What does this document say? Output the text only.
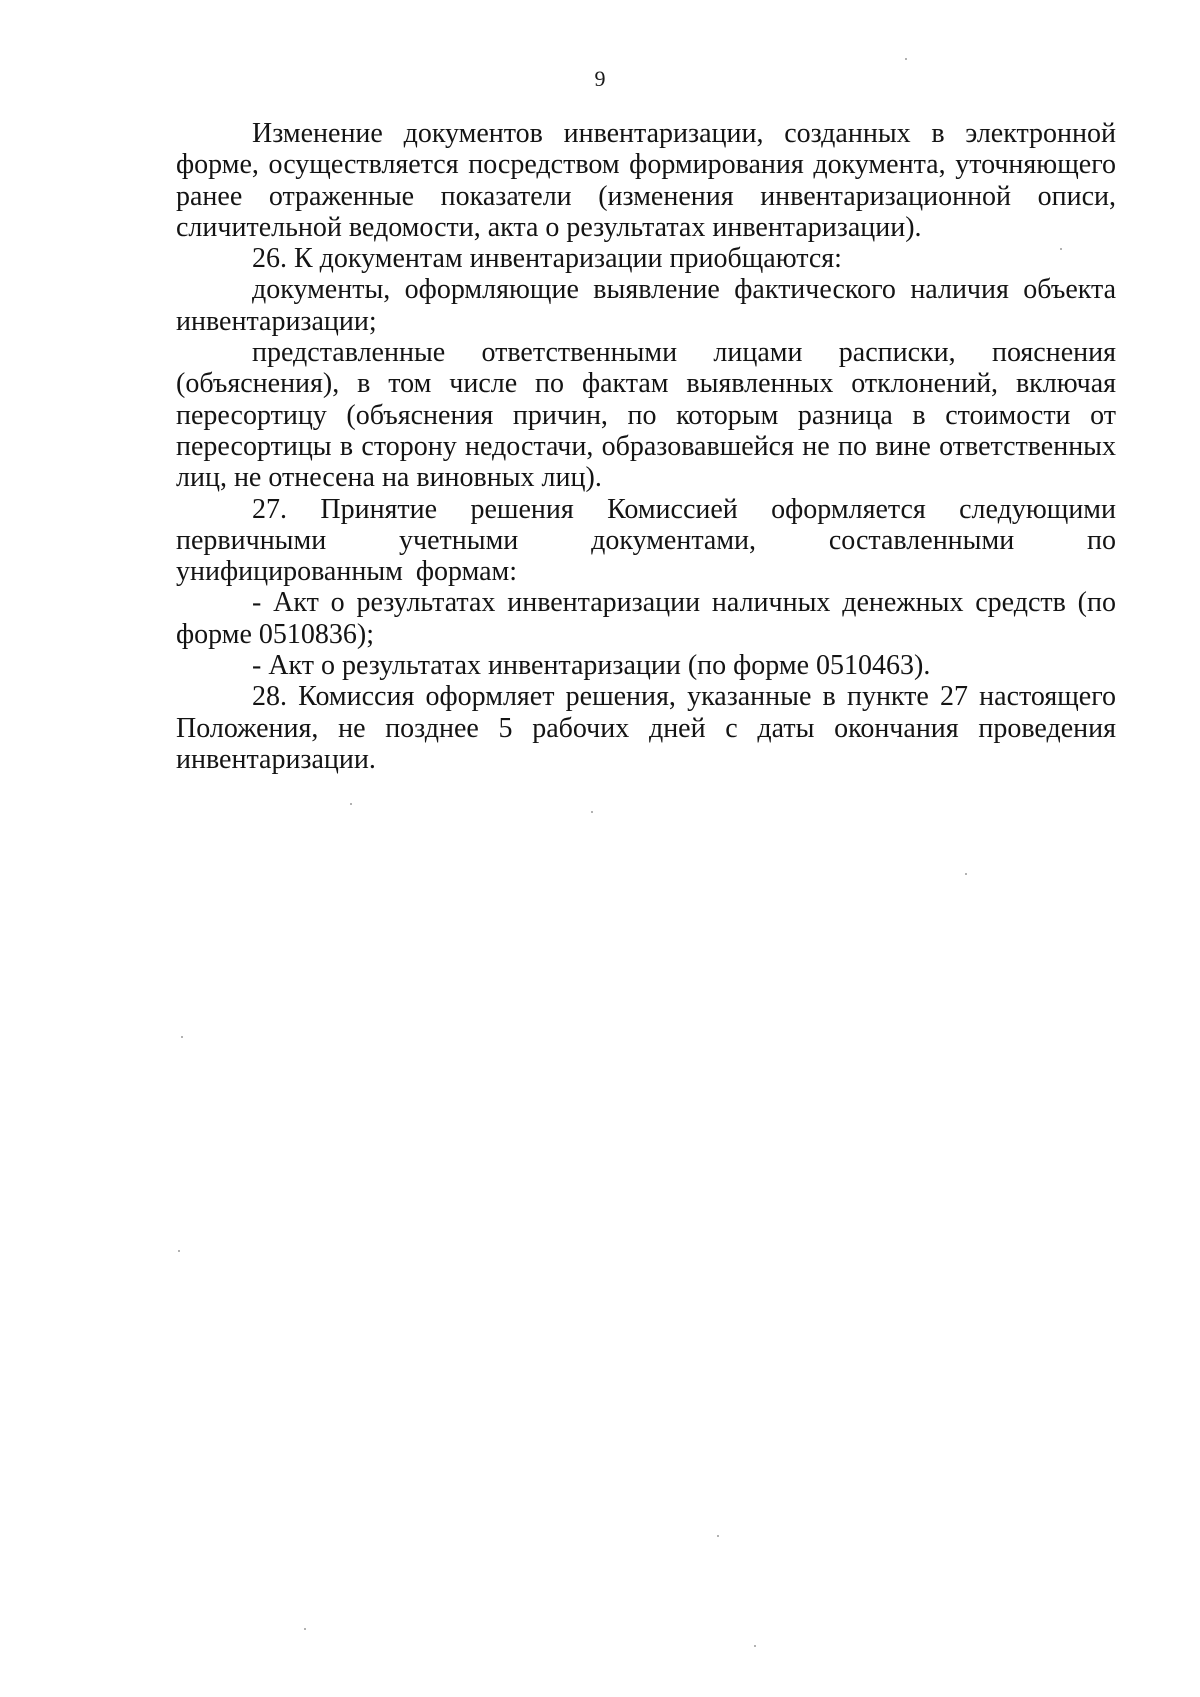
9

Изменение документов инвентаризации, созданных в электронной форме, осуществляется посредством формирования документа, уточняющего ранее отраженные показатели (изменения инвентаризационной описи, сличительной ведомости, акта о результатах инвентаризации).

26. К документам инвентаризации приобщаются:

документы, оформляющие выявление фактического наличия объекта инвентаризации;

представленные ответственными лицами расписки, пояснения (объяснения), в том числе по фактам выявленных отклонений, включая пересортицу (объяснения причин, по которым разница в стоимости от пересортицы в сторону недостачи, образовавшейся не по вине ответственных лиц, не отнесена на виновных лиц).

27. Принятие решения Комиссией оформляется следующими первичными учетными документами, составленными по унифицированным формам:

- Акт о результатах инвентаризации наличных денежных средств (по форме 0510836);

- Акт о результатах инвентаризации (по форме 0510463).

28. Комиссия оформляет решения, указанные в пункте 27 настоящего Положения, не позднее 5 рабочих дней с даты окончания проведения инвентаризации.
